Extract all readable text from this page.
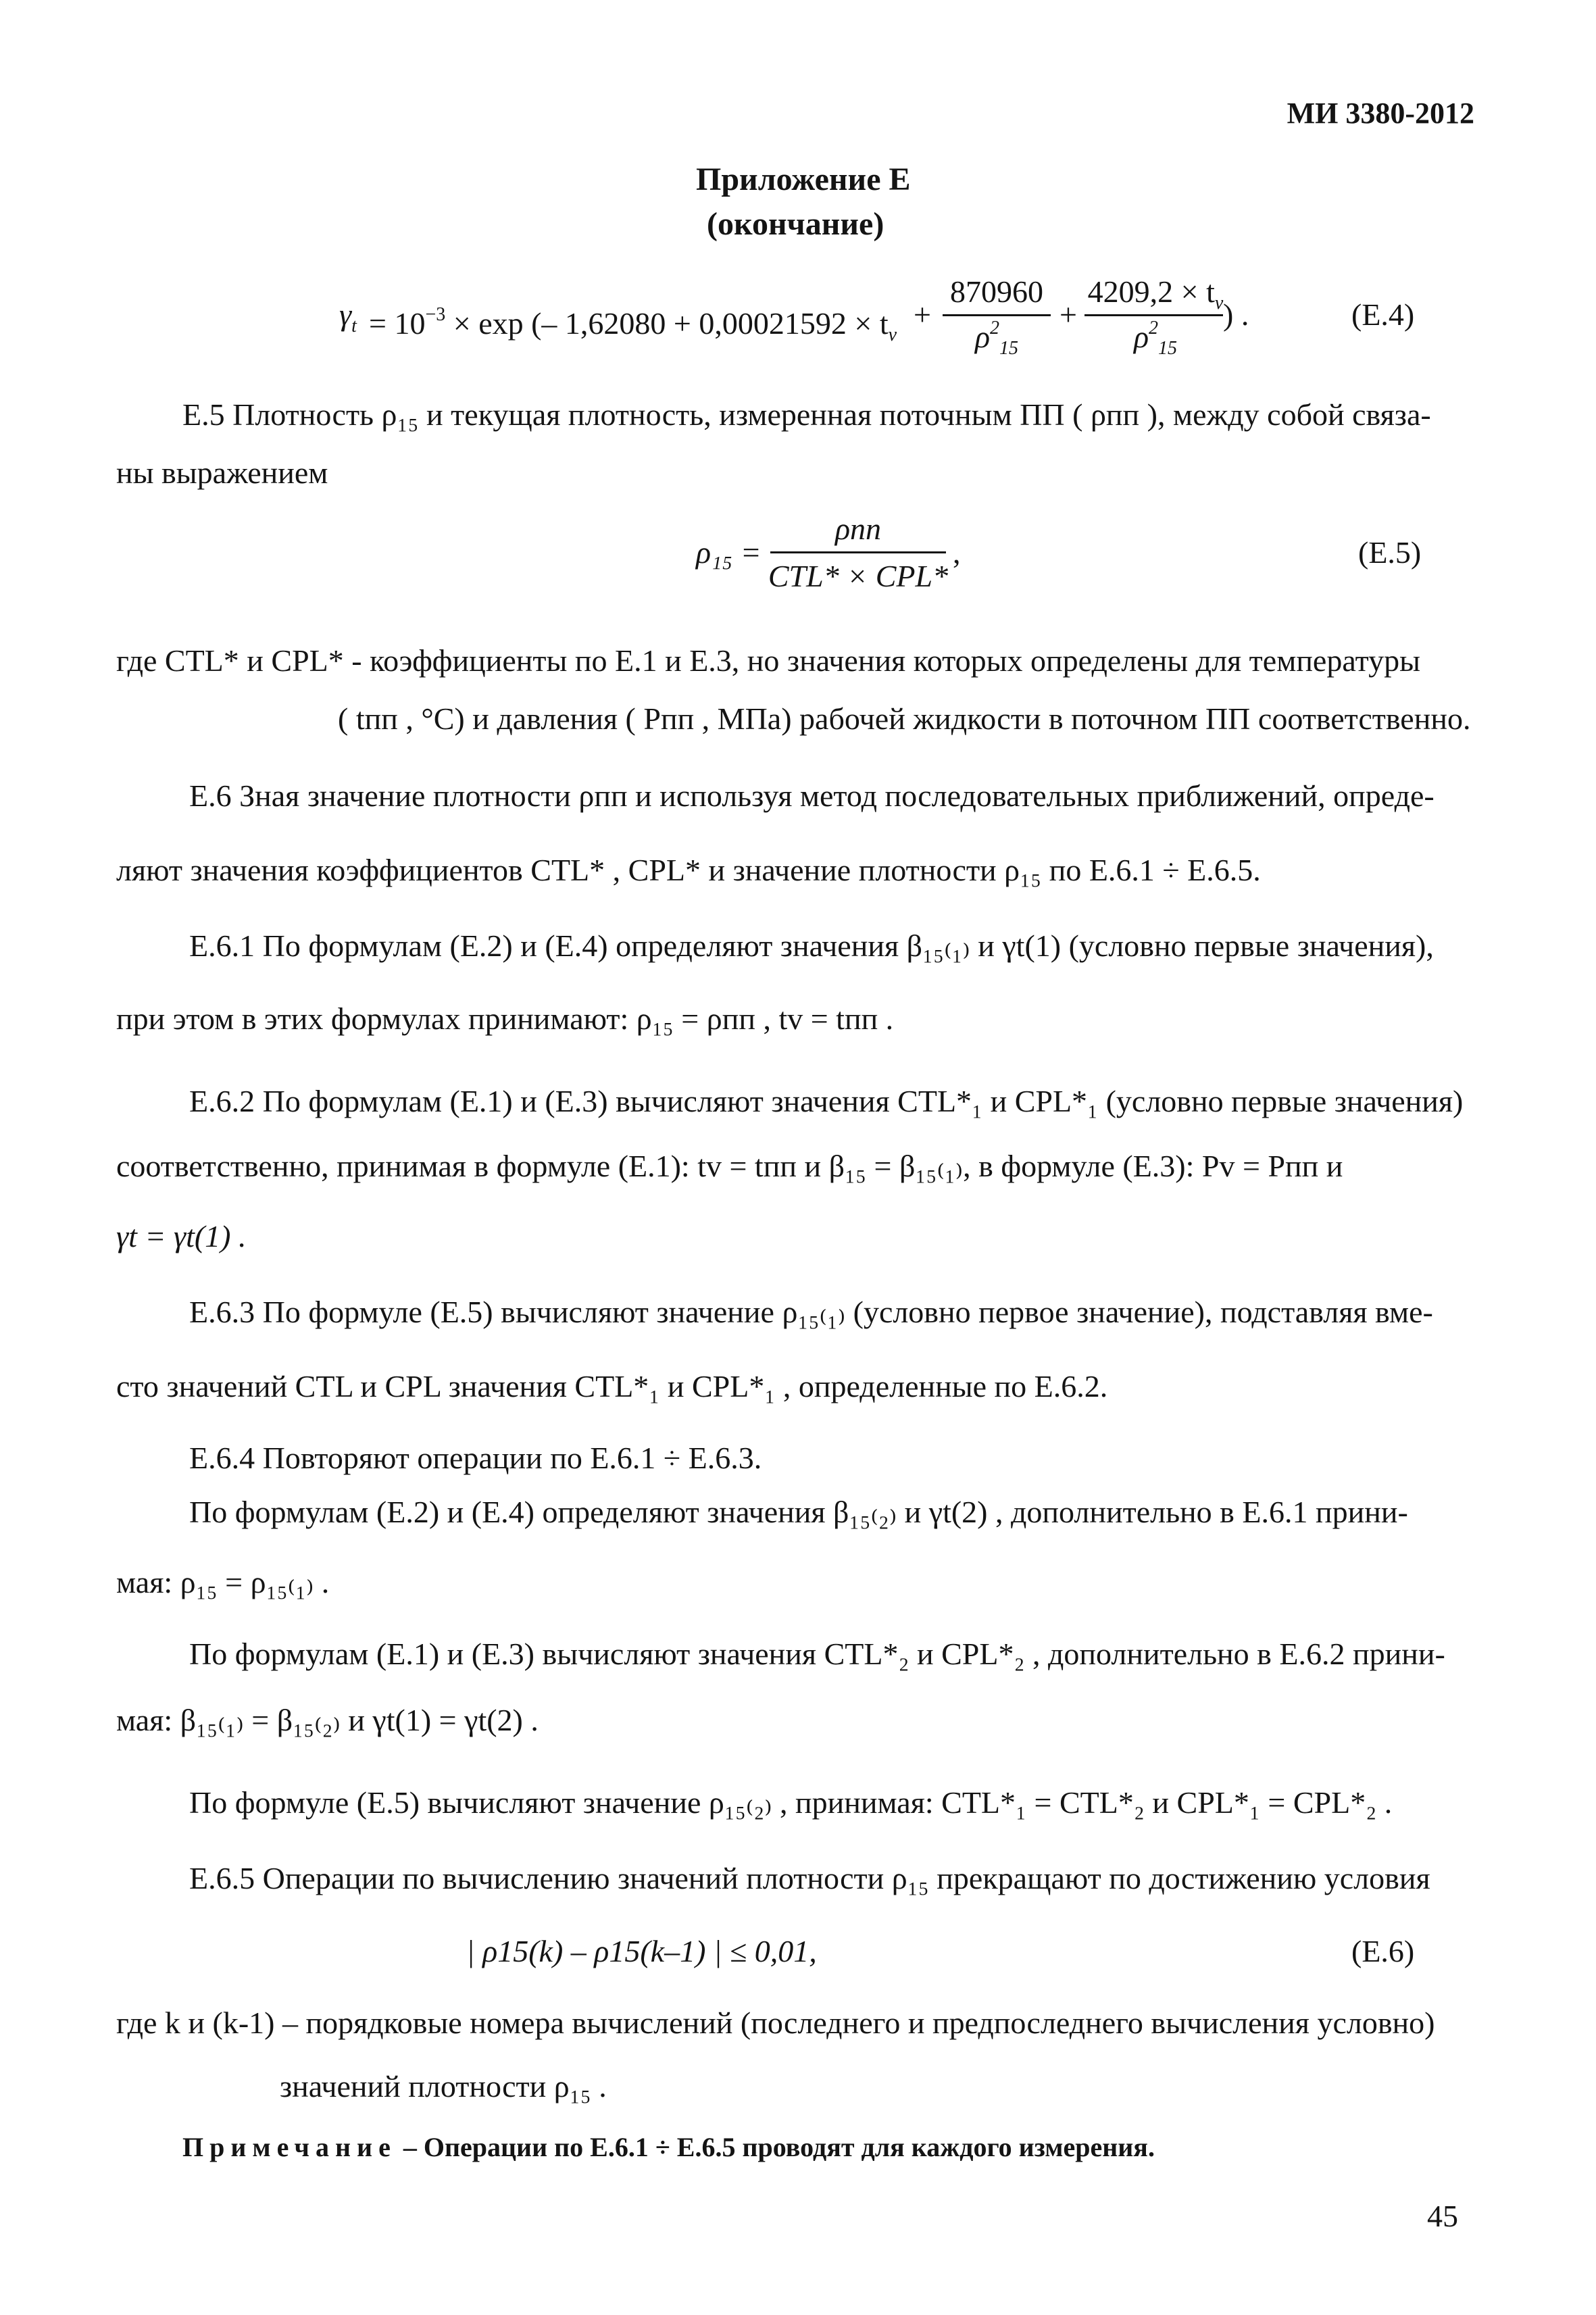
МИ 3380-2012
Приложение Е
(окончание)
$\gamma_t = 10^{-3} \times \exp$ (– $1,62080 + 0,00021592 \times t_v$
+
870960
$\rho^2_{15}$
+
$4209,2 \times t_v$
$\rho^2_{15}$
) .	(Е.4)
Е.5 Плотность ρ₁₅ и текущая плотность, измеренная поточным ПП ( ρпп ), между собой связа-
ны выражением
ρ₁₅ =
ρпп
CTL* × CPL*
,	(Е.5)
где CTL* и CPL* - коэффициенты по Е.1 и Е.3, но значения которых определены для температуры
( tпп , °С) и давления ( Pпп , МПа) рабочей жидкости в поточном ПП соответственно.
Е.6 Зная значение плотности ρпп и используя метод последовательных приближений, опреде-
ляют значения коэффициентов CTL* , CPL* и значение плотности ρ₁₅ по Е.6.1 ÷ Е.6.5.
Е.6.1 По формулам (Е.2) и (Е.4) определяют значения β₁₅₍₁₎ и γt(1) (условно первые значения),
при этом в этих формулах принимают: ρ₁₅ = ρпп , tv = tпп .
Е.6.2 По формулам (Е.1) и (Е.3) вычисляют значения CTL*₁ и CPL*₁ (условно первые значения)
соответственно, принимая в формуле (Е.1): tv = tпп и β₁₅ = β₁₅₍₁₎, в формуле (Е.3): Pv = Pпп и
γt = γt(1) .
Е.6.3 По формуле (Е.5) вычисляют значение ρ₁₅₍₁₎ (условно первое значение), подставляя вме-
сто значений CTL и CPL значения CTL*₁ и CPL*₁ , определенные по Е.6.2.
Е.6.4 Повторяют операции по Е.6.1 ÷ Е.6.3.
По формулам (Е.2) и (Е.4) определяют значения β₁₅₍₂₎ и γt(2) , дополнительно в Е.6.1 прини-
мая: ρ₁₅ = ρ₁₅₍₁₎ .
По формулам (Е.1) и (Е.3) вычисляют значения CTL*₂ и CPL*₂ , дополнительно в Е.6.2 прини-
мая: β₁₅₍₁₎ = β₁₅₍₂₎ и γt(1) = γt(2) .
По формуле (Е.5) вычисляют значение ρ₁₅₍₂₎ , принимая: CTL*₁ = CTL*₂ и CPL*₁ = CPL*₂ .
Е.6.5 Операции по вычислению значений плотности ρ₁₅ прекращают по достижению условия
| ρ15(k) – ρ15(k–1) | ≤ 0,01,	(Е.6)
где k и (k-1) – порядковые номера вычислений (последнего и предпоследнего вычисления условно)
значений плотности ρ₁₅ .
Примечание – Операции по Е.6.1 ÷ Е.6.5 проводят для каждого измерения.
45
